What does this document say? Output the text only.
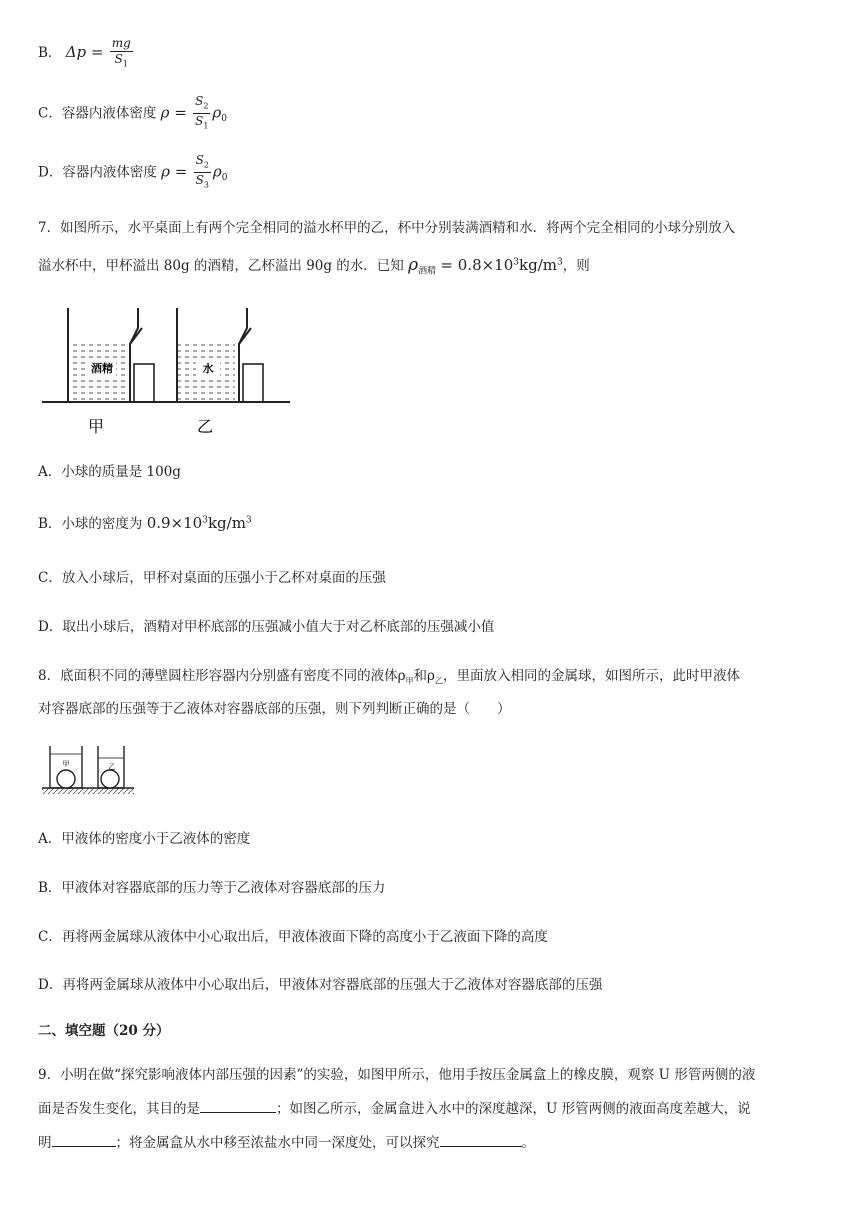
B． $\Delta p = \frac{mg}{S_1}$
C．容器内液体密度 $\rho = \frac{S_2}{S_1} \rho_0$
D．容器内液体密度 $\rho = \frac{S_2}{S_3} \rho_0$
7．如图所示，水平桌面上有两个完全相同的溢水杯甲的乙，杯中分别装满酒精和水．将两个完全相同的小球分别放入
溢水杯中，甲杯溢出 80g 的酒精，乙杯溢出 90g 的水．已知 $\rho_{酒精} = 0.8\times 10^3kg/m^3$，则
酒精	水
甲	乙
A．小球的质量是 100g
B．小球的密度为 $0.9\times 10^3kg/m^3$
C．放入小球后，甲杯对桌面的压强小于乙杯对桌面的压强
D．取出小球后，酒精对甲杯底部的压强减小值大于对乙杯底部的压强减小值
8．底面积不同的薄壁圆柱形容器内分别盛有密度不同的液体$\rho_甲$和$\rho_乙$，里面放入相同的金属球，如图所示，此时甲液体
对容器底部的压强等于乙液体对容器底部的压强，则下列判断正确的是（　　）
甲	乙
A．甲液体的密度小于乙液体的密度
B．甲液体对容器底部的压力等于乙液体对容器底部的压力
C．再将两金属球从液体中小心取出后，甲液体液面下降的高度小于乙液面下降的高度
D．再将两金属球从液体中小心取出后，甲液体对容器底部的压强大于乙液体对容器底部的压强
二、填空题（20 分）
9．小明在做“探究影响液体内部压强的因素”的实验，如图甲所示，他用手按压金属盒上的橡皮膜，观察 U 形管两侧的液
面是否发生变化，其目的是	；如图乙所示，金属盒进入水中的深度越深，U 形管两侧的液面高度差越大，说
明	；将金属盒从水中移至浓盐水中同一深度处，可以探究	。
